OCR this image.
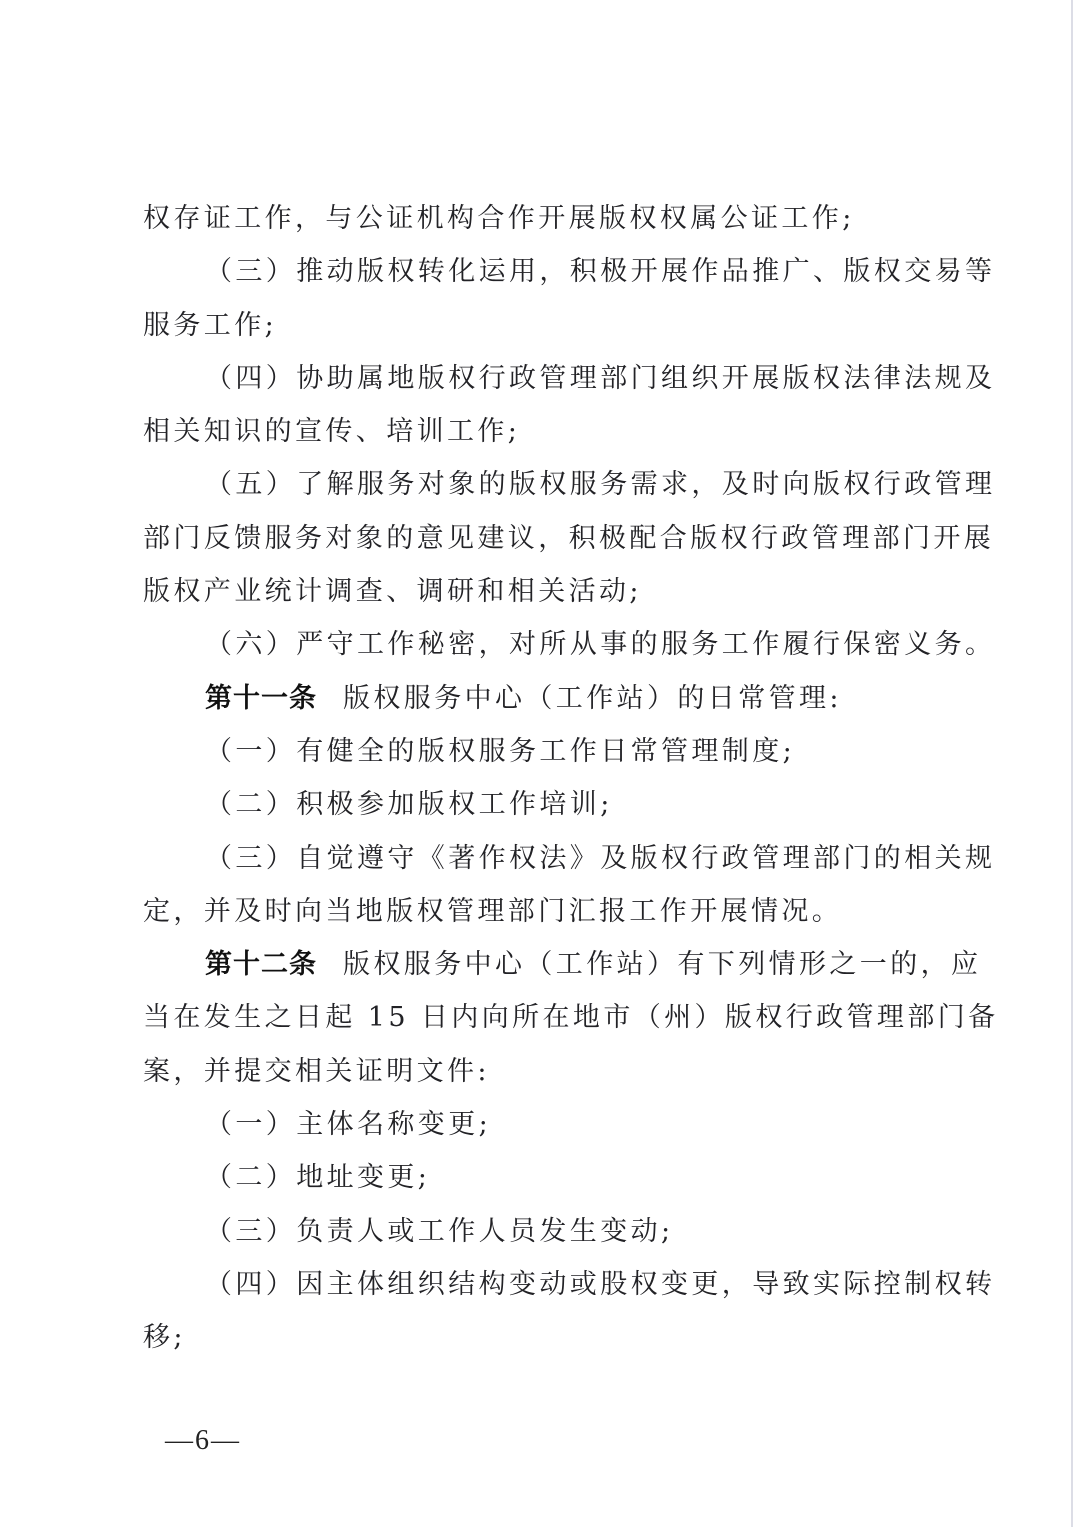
权存证工作，与公证机构合作开展版权权属公证工作;
（三）推动版权转化运用，积极开展作品推广、版权交易等
服务工作;
（四）协助属地版权行政管理部门组织开展版权法律法规及
相关知识的宣传、培训工作;
（五）了解服务对象的版权服务需求，及时向版权行政管理
部门反馈服务对象的意见建议，积极配合版权行政管理部门开展
版权产业统计调查、调研和相关活动;
（六）严守工作秘密，对所从事的服务工作履行保密义务。
第十一条 版权服务中心（工作站）的日常管理:
（一）有健全的版权服务工作日常管理制度;
（二）积极参加版权工作培训;
（三）自觉遵守《著作权法》及版权行政管理部门的相关规
定，并及时向当地版权管理部门汇报工作开展情况。
第十二条 版权服务中心（工作站）有下列情形之一的，应
当在发生之日起 15 日内向所在地市（州）版权行政管理部门备
案，并提交相关证明文件:
（一）主体名称变更;
（二）地址变更;
（三）负责人或工作人员发生变动;
（四）因主体组织结构变动或股权变更，导致实际控制权转
移;
—6—
